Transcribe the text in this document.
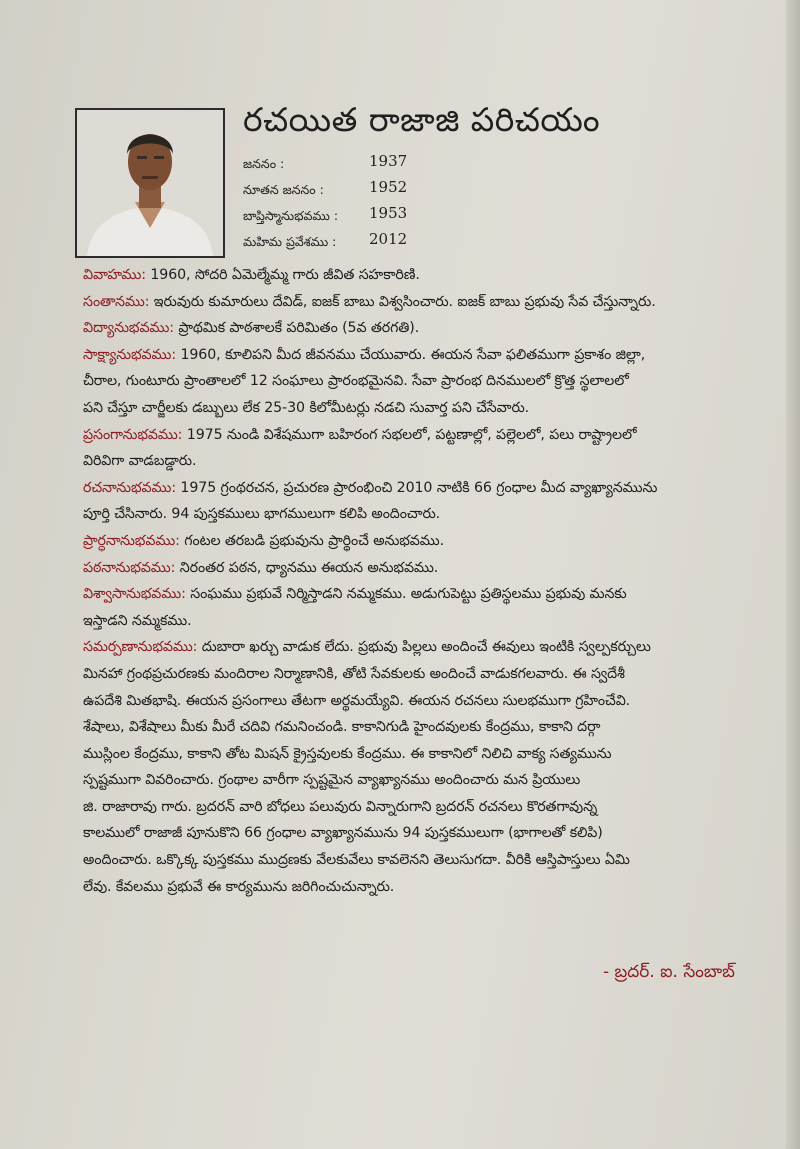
రచయిత రాజాజి పరిచయం
జననం :	1937
నూతన జననం :	1952
బాప్తిస్మానుభవము : 1953
మహిమ ప్రవేశము : 2012
వివాహము: 1960, సోదరి ఏమెల్మేమ్మ గారు జీవిత సహకారిణి.
సంతానము: ఇరువురు కుమారులు దేవిడ్, ఐజక్ బాబు విశ్వసించారు. ఐజక్ బాబు ప్రభువు సేవ చేస్తున్నారు.
విద్యానుభవము: ప్రాథమిక పాఠశాలకే పరిమితం (5వ తరగతి).
సాక్ష్యానుభవము: 1960, కూలిపని మీద జీవనము చేయువారు. ఈయన సేవా ఫలితముగా ప్రకాశం జిల్లా,
చీరాల, గుంటూరు ప్రాంతాలలో 12 సంఘాలు ప్రారంభమైనవి. సేవా ప్రారంభ దినములలో క్రొత్త స్థలాలలో
పని చేస్తూ చార్జీలకు డబ్బులు లేక 25-30 కిలోమీటర్లు నడచి సువార్త పని చేసేవారు.
ప్రసంగానుభవము: 1975 నుండి విశేషముగా బహిరంగ సభలలో, పట్టణాల్లో, పల్లెలలో, పలు రాష్ట్రాలలో
విరివిగా వాడబడ్డారు.
రచనానుభవము: 1975 గ్రంథరచన, ప్రచురణ ప్రారంభించి 2010 నాటికి 66 గ్రంధాల మీద వ్యాఖ్యానమును
పూర్తి చేసినారు. 94 పుస్తకములు భాగములుగా కలిపి అందించారు.
ప్రార్ధనానుభవము: గంటల తరబడి ప్రభువును ప్రార్థించే అనుభవము.
పఠనానుభవము: నిరంతర పఠన, ధ్యానము ఈయన అనుభవము.
విశ్వాసానుభవము: సంఘము ప్రభువే నిర్మిస్తాడని నమ్మకము. అడుగుపెట్టు ప్రతిస్థలము ప్రభువు మనకు
ఇస్తాడని నమ్మకము.
సమర్పణానుభవము: దుబారా ఖర్చు వాడుక లేదు. ప్రభువు పిల్లలు అందించే ఈవులు ఇంటికి స్వల్పకర్చులు
మినహా గ్రంథప్రచురణకు మందిరాల నిర్మాణానికి, తోటి సేవకులకు అందించే వాడుకగలవారు. ఈ స్వదేశీ
ఉపదేశి మితభాషి. ఈయన ప్రసంగాలు తేటగా అర్థమయ్యేవి. ఈయన రచనలు సులభముగా గ్రహించేవి.
శేషాలు, విశేషాలు మీకు మీరే చదివి గమనించండి. కాకానిగుడి హైందవులకు కేంద్రము, కాకాని దర్గా
ముస్లింల కేంద్రము, కాకాని తోట మిషన్ క్రైస్తవులకు కేంద్రము. ఈ కాకానిలో నిలిచి వాక్య సత్యమును
స్పష్టముగా వివరించారు. గ్రంథాల వారీగా స్పష్టమైన వ్యాఖ్యానము అందించారు మన ప్రియులు
జి. రాజారావు గారు. బ్రదరన్ వారి బోధలు పలువురు విన్నారుగాని బ్రదరన్ రచనలు కొరతగావున్న
కాలములో రాజాజీ పూనుకొని 66 గ్రంధాల వ్యాఖ్యానమును 94 పుస్తకములుగా (భాగాలతో కలిపి)
అందించారు. ఒక్కొక్క పుస్తకము ముద్రణకు వేలకువేలు కావలెనని తెలుసుగదా. వీరికి ఆస్తిపాస్తులు ఏమి
లేవు. కేవలము ప్రభువే ఈ కార్యమును జరిగించుచున్నారు.
- బ్రదర్. ఐ. సేంబాబ్
